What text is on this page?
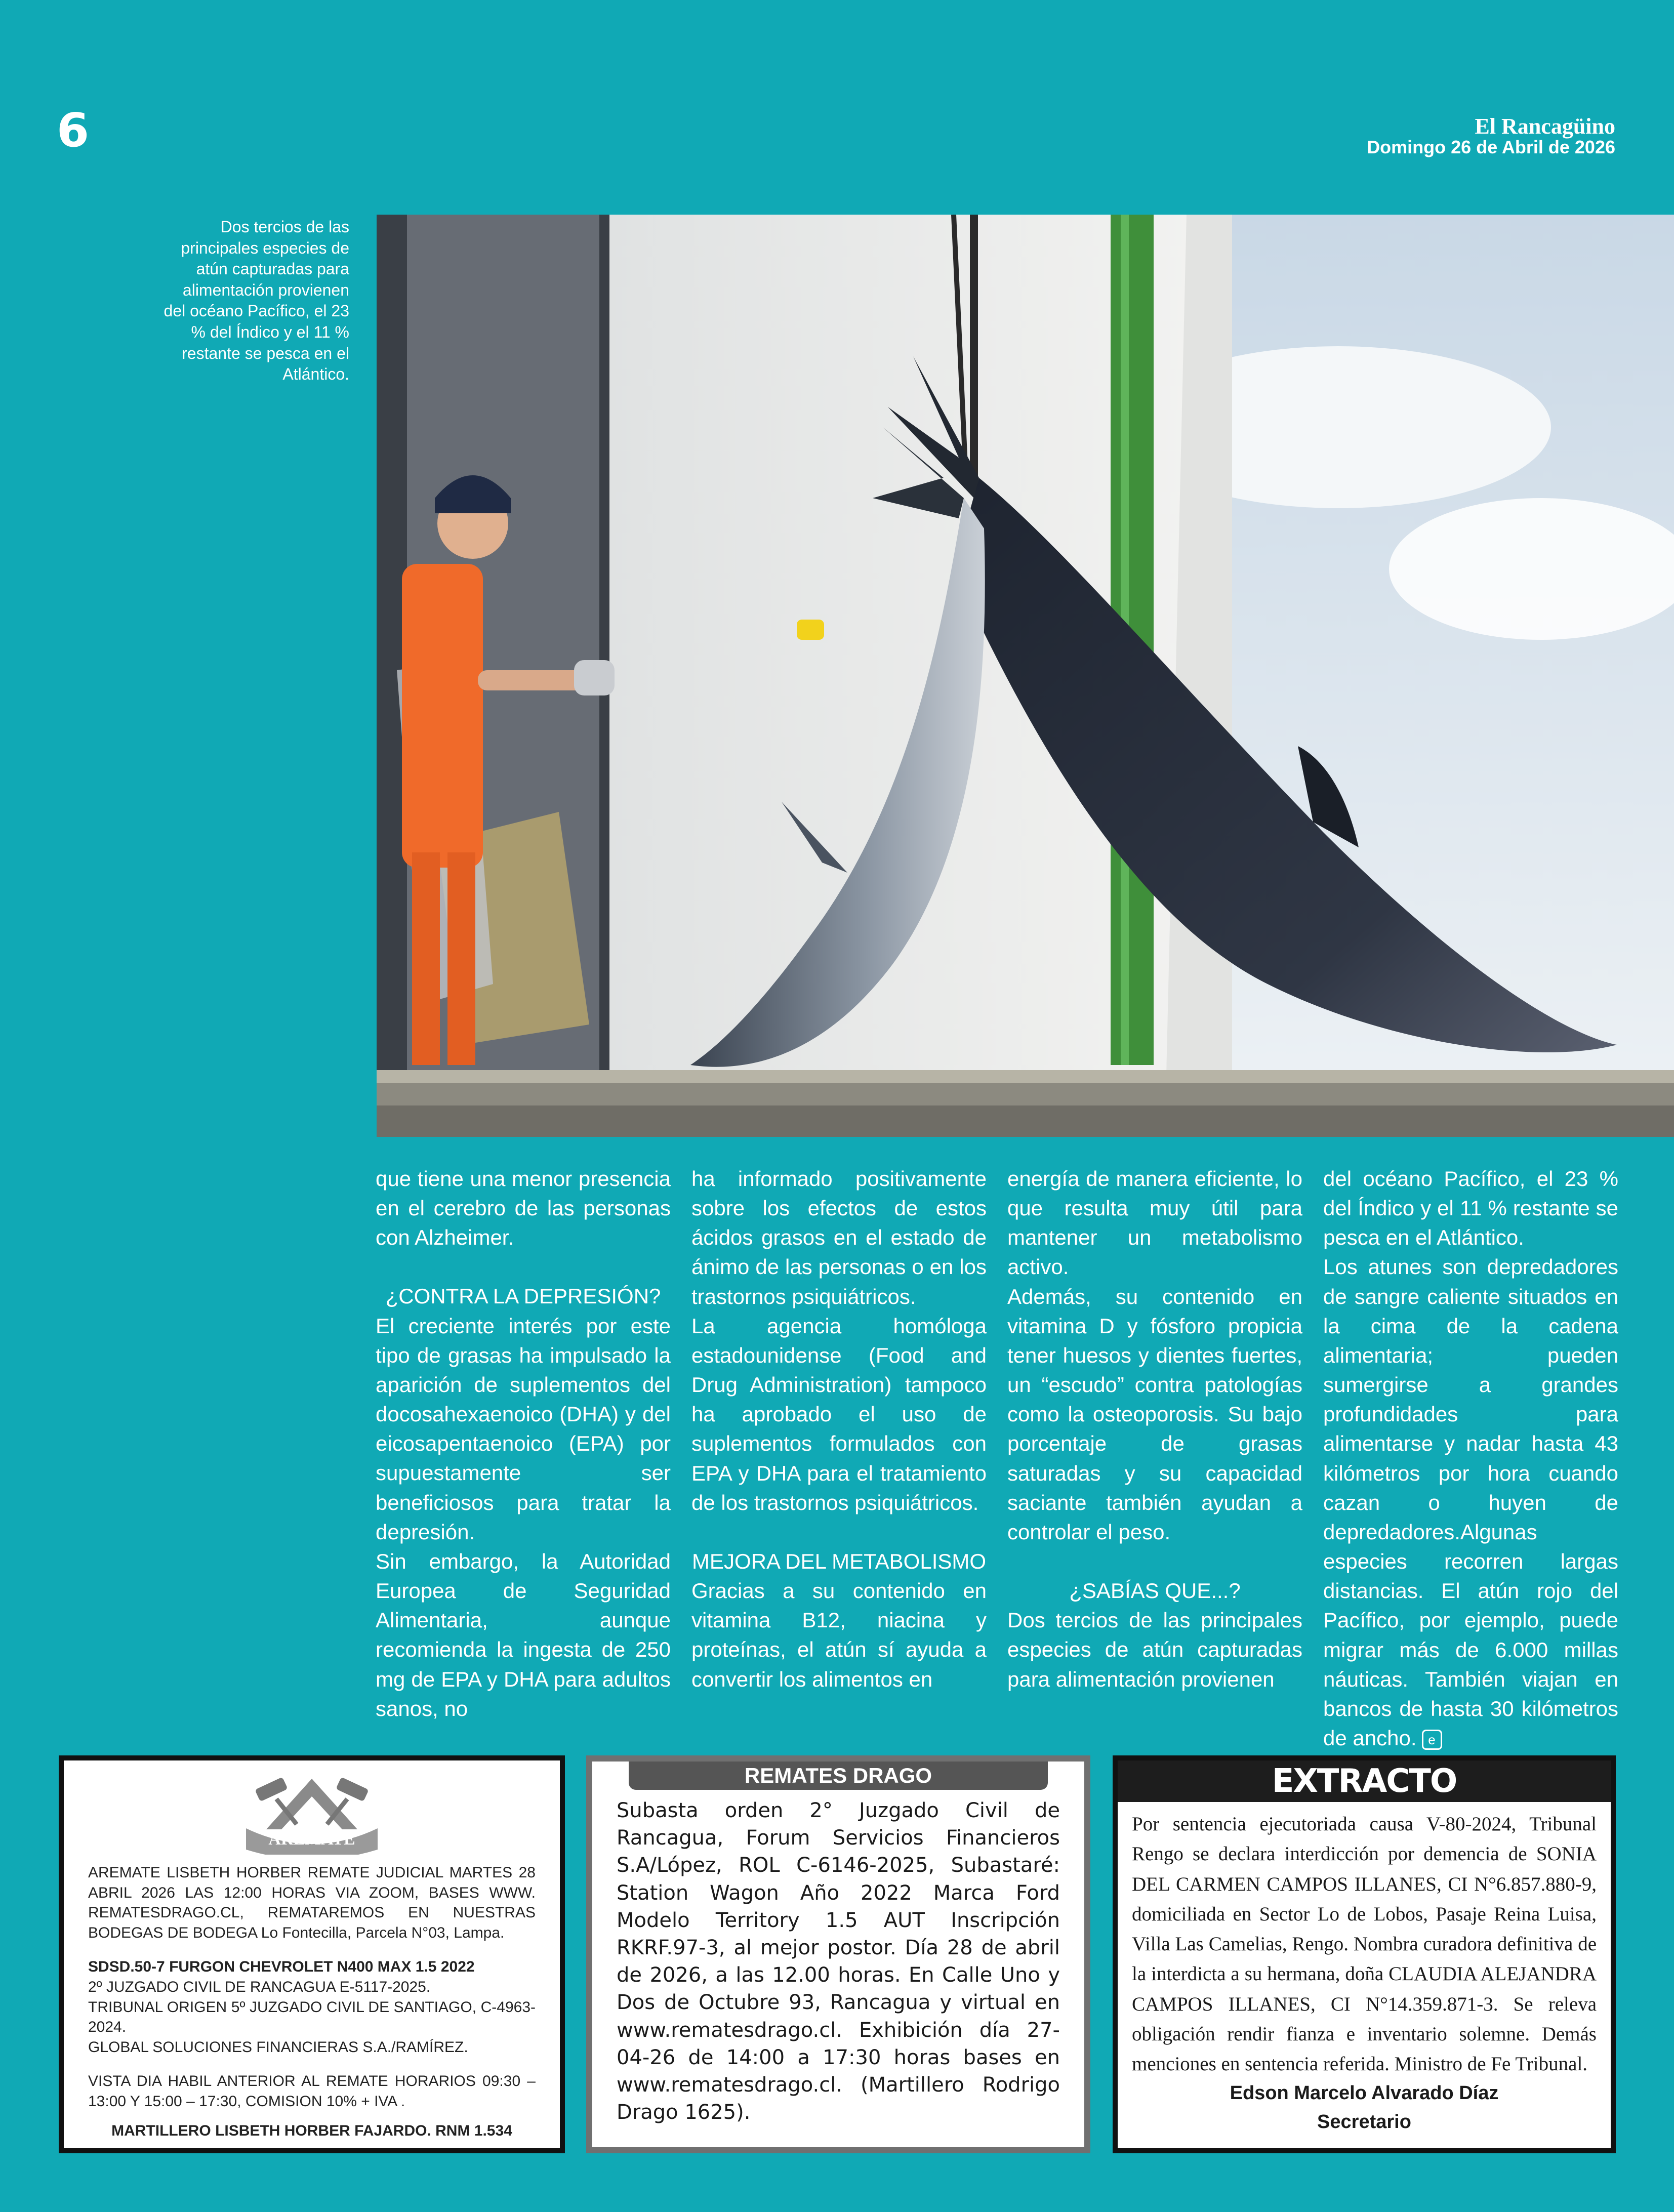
6	El Rancagüino
Domingo 26 de Abril de 2026
Dos tercios de las principales especies de atún capturadas para alimentación provienen del océano Pacífico, el 23 % del Índico y el 11 % restante se pesca en el Atlántico.

que tiene una menor presencia en el cerebro de las personas con Alzheimer.

¿CONTRA LA DEPRESIÓN?

El creciente interés por este tipo de grasas ha impulsado la aparición de suplementos del docosahexaenoico (DHA) y del eicosapentaenoico (EPA) por supuestamente ser beneficiosos para tratar la depresión.

Sin embargo, la Autoridad Europea de Seguridad Alimentaria, aunque recomienda la ingesta de 250 mg de EPA y DHA para adultos sanos, no

ha informado positivamente sobre los efectos de estos ácidos grasos en el estado de ánimo de las personas o en los trastornos psiquiátricos.

La agencia homóloga estadounidense (Food and Drug Administration) tampoco ha aprobado el uso de suplementos formulados con EPA y DHA para el tratamiento de los trastornos psiquiátricos.

MEJORA DEL METABOLISMO

Gracias a su contenido en vitamina B12, niacina y proteínas, el atún sí ayuda a convertir los alimentos en

energía de manera eficiente, lo que resulta muy útil para mantener un metabolismo activo.

Además, su contenido en vitamina D y fósforo propicia tener huesos y dientes fuertes, un “escudo” contra patologías como la osteoporosis. Su bajo porcentaje de grasas saturadas y su capacidad saciante también ayudan a controlar el peso.

¿SABÍAS QUE...?

Dos tercios de las principales especies de atún capturadas para alimentación provienen

del océano Pacífico, el 23 % del Índico y el 11 % restante se pesca en el Atlántico.

Los atunes son depredadores de sangre caliente situados en la cima de la cadena alimentaria; pueden sumergirse a grandes profundidades para alimentarse y nadar hasta 43 kilómetros por hora cuando cazan o huyen de depredadores.Algunas especies recorren largas distancias. El atún rojo del Pacífico, por ejemplo, puede migrar más de 6.000 millas náuticas. También viajan en bancos de hasta 30 kilómetros de ancho. e

AREMATE

AREMATE LISBETH HORBER REMATE JUDICIAL MARTES 28 ABRIL 2026 LAS 12:00 HORAS VIA ZOOM, BASES WWW. REMATESDRAGO.CL, REMATAREMOS EN NUESTRAS BODEGAS DE BODEGA Lo Fontecilla, Parcela N°03, Lampa.

SDSD.50-7 FURGON CHEVROLET N400 MAX 1.5 2022

2º JUZGADO CIVIL DE RANCAGUA E-5117-2025.

TRIBUNAL ORIGEN 5º JUZGADO CIVIL DE SANTIAGO, C-4963-2024.

GLOBAL SOLUCIONES FINANCIERAS S.A./RAMÍREZ.

VISTA DIA HABIL ANTERIOR AL REMATE HORARIOS 09:30 – 13:00 Y 15:00 – 17:30, COMISION 10% + IVA .

MARTILLERO LISBETH HORBER FAJARDO. RNM 1.534

REMATES DRAGO
Subasta orden 2° Juzgado Civil de Rancagua, Forum Servicios Financieros S.A/López, ROL C-6146-2025, Subastaré: Station Wagon Año 2022 Marca Ford Modelo Territory 1.5 AUT Inscripción RKRF.97-3, al mejor postor. Día 28 de abril de 2026, a las 12.00 horas. En Calle Uno y Dos de Octubre 93, Rancagua y virtual en www.rematesdrago.cl. Exhibición día 27-04-26 de 14:00 a 17:30 horas bases en www.rematesdrago.cl. (Martillero Rodrigo Drago 1625).
EXTRACTO
Por sentencia ejecutoriada causa V-80-2024, Tribunal Rengo se declara interdicción por demencia de SONIA DEL CARMEN CAMPOS ILLANES, CI N°6.857.880-9, domiciliada en Sector Lo de Lobos, Pasaje Reina Luisa, Villa Las Camelias, Rengo. Nombra curadora definitiva de la interdicta a su hermana, doña CLAUDIA ALEJANDRA CAMPOS ILLANES, CI N°14.359.871-3. Se releva obligación rendir fianza e inventario solemne. Demás menciones en sentencia referida. Ministro de Fe Tribunal.
Edson Marcelo Alvarado Díaz
Secretario
